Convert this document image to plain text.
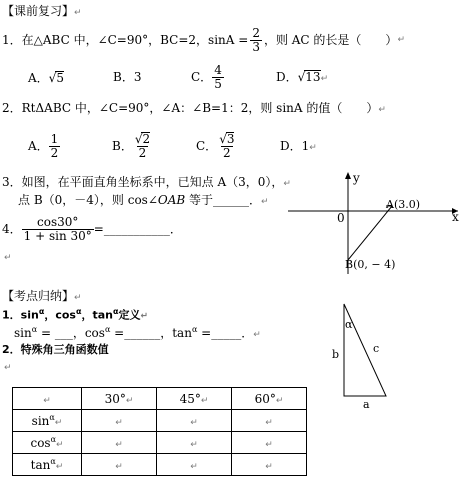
【课前复习】↵
1．在△ABC 中，∠C=90°，BC=2，$\sin A = \frac{2}{3}$ ，则 AC 的长是（　　） ↵
A．√5	B．3	C． $\frac{4}{5}$	D．√13↵
2．RtΔABC 中，∠C=90°，∠A：∠B=1：2，则 sinA 的值（　　）↵
A． $\frac{1}{2}$	B． $\frac{√2}{2}$	C． $\frac{√3}{2}$	D．1↵
3．如图，在平面直角坐标系中，已知点 A（3，0），↵
点 B（0，－4），则 cos∠OAB 等于______．↵
4． $\frac{\cos 30^\circ}{1 + \sin 30^\circ}$ =___________．
↵
y
x
0
A(3.0)
B(0, − 4)
【考点归纳】↵
1．$\sin^\alpha$，$\cos^\alpha$，$\tan^\alpha$定义↵
$\sin^\alpha$ = ___，$\cos^\alpha$ =______，$\tan^\alpha$ =_____．↵
2．特殊角三角函数值
↵
α
b	c
a
↵	30°↵	45°↵	60°↵
$\sin^\alpha↵$	↵	↵	↵
$\cos^\alpha↵$	↵	↵	↵
$\tan^\alpha↵$	↵	↵	↵
